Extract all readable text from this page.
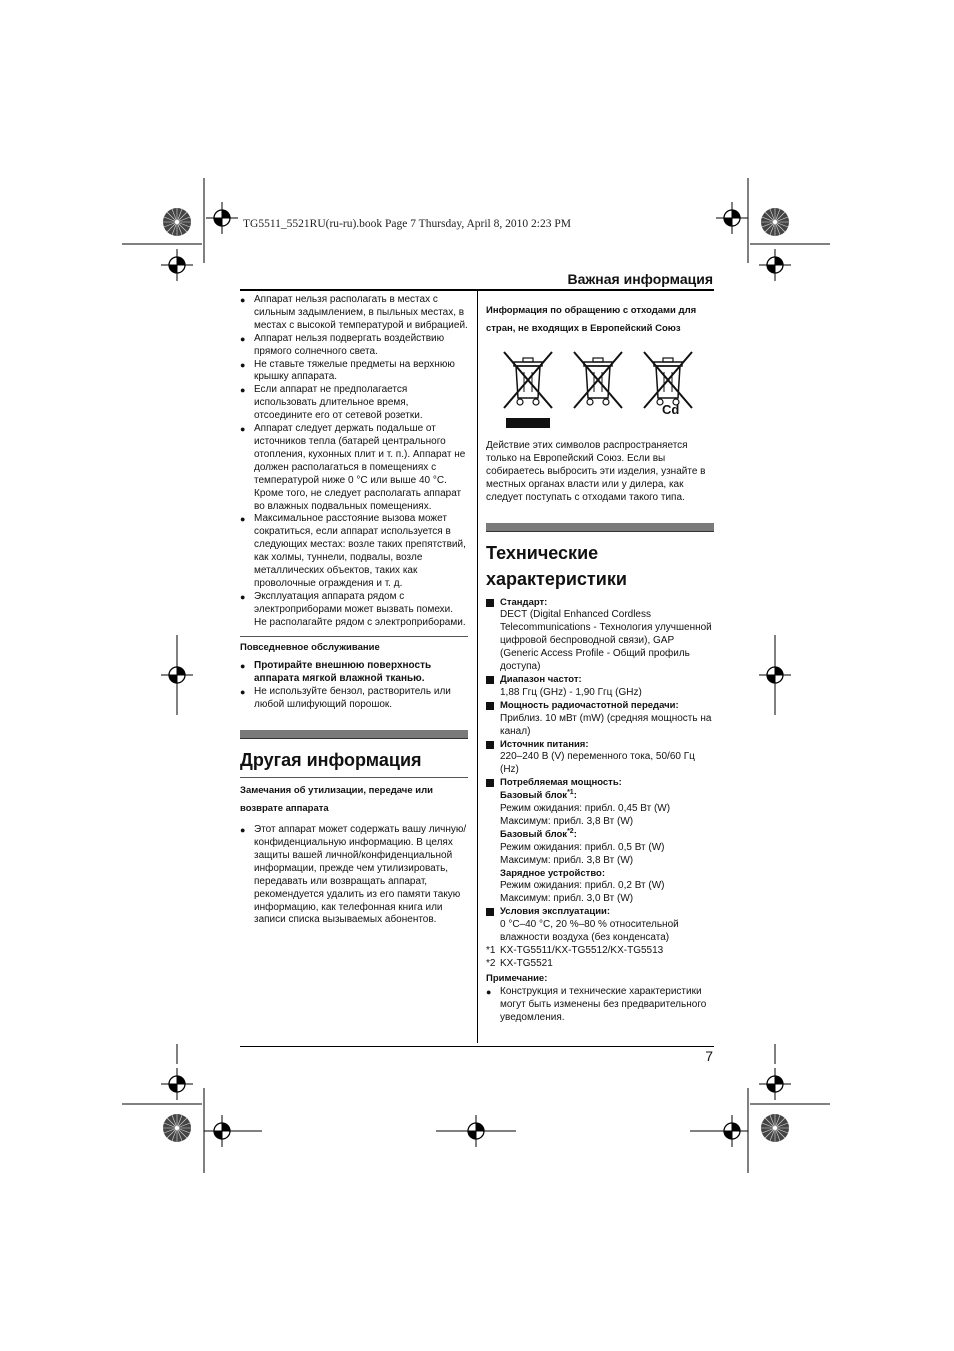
TG5511_5521RU(ru-ru).book Page 7 Thursday, April 8, 2010 2:23 PM
Важная информация
● Аппарат нельзя располагать в местах с сильным задымлением, в пыльных местах, в местах с высокой температурой и вибрацией.
● Аппарат нельзя подвергать воздействию прямого солнечного света.
● Не ставьте тяжелые предметы на верхнюю крышку аппарата.
● Если аппарат не предполагается использовать длительное время, отсоедините его от сетевой розетки.
● Аппарат следует держать подальше от источников тепла (батарей центрального отопления, кухонных плит и т. п.). Аппарат не должен располагаться в помещениях с температурой ниже 0 °C или выше 40 °C. Кроме того, не следует располагать аппарат во влажных подвальных помещениях.
● Максимальное расстояние вызова может сократиться, если аппарат используется в следующих местах: возле таких препятствий, как холмы, туннели, подвалы, возле металлических объектов, таких как проволочные ограждения и т. д.
● Эксплуатация аппарата рядом с электроприборами может вызвать помехи. Не располагайте рядом с электроприборами.
Повседневное обслуживание
● Протирайте внешнюю поверхность аппарата мягкой влажной тканью.
● Не используйте бензол, растворитель или любой шлифующий порошок.
Другая информация
Замечания об утилизации, передаче или возврате аппарата
● Этот аппарат может содержать вашу личную/конфиденциальную информацию. В целях защиты вашей личной/конфиденциальной информации, прежде чем утилизировать, передавать или возвращать аппарат, рекомендуется удалить из его памяти такую информацию, как телефонная книга или записи списка вызываемых абонентов.
Информация по обращению с отходами для стран, не входящих в Европейский Союз
Cd
Действие этих символов распространяется только на Европейский Союз. Если вы собираетесь выбросить эти изделия, узнайте в местных органах власти или у дилера, как следует поступать с отходами такого типа.
Технические
характеристики
Стандарт:
DECT (Digital Enhanced Cordless Telecommunications - Технология улучшенной цифровой беспроводной связи), GAP (Generic Access Profile - Общий профиль доступа)
Диапазон частот:
1,88 Ггц (GHz) - 1,90 Ггц (GHz)
Мощность радиочастотной передачи:
Приблиз. 10 мВт (mW) (средняя мощность на канал)
Источник питания:
220–240 В (V) переменного тока, 50/60 Гц (Hz)
Потребляемая мощность:
Базовый блок$^{*1}$:
Режим ожидания: прибл. 0,45 Вт (W)
Максимум: прибл. 3,8 Вт (W)
Базовый блок$^{*2}$:
Режим ожидания: прибл. 0,5 Вт (W)
Максимум: прибл. 3,8 Вт (W)
Зарядное устройство:
Режим ожидания: прибл. 0,2 Вт (W)
Максимум: прибл. 3,0 Вт (W)
Условия эксплуатации:
0 °C–40 °C, 20 %–80 % относительной влажности воздуха (без конденсата)
*1 KX-TG5511/KX-TG5512/KX-TG5513
*2 KX-TG5521
Примечание:
● Конструкция и технические характеристики могут быть изменены без предварительного уведомления.
7
